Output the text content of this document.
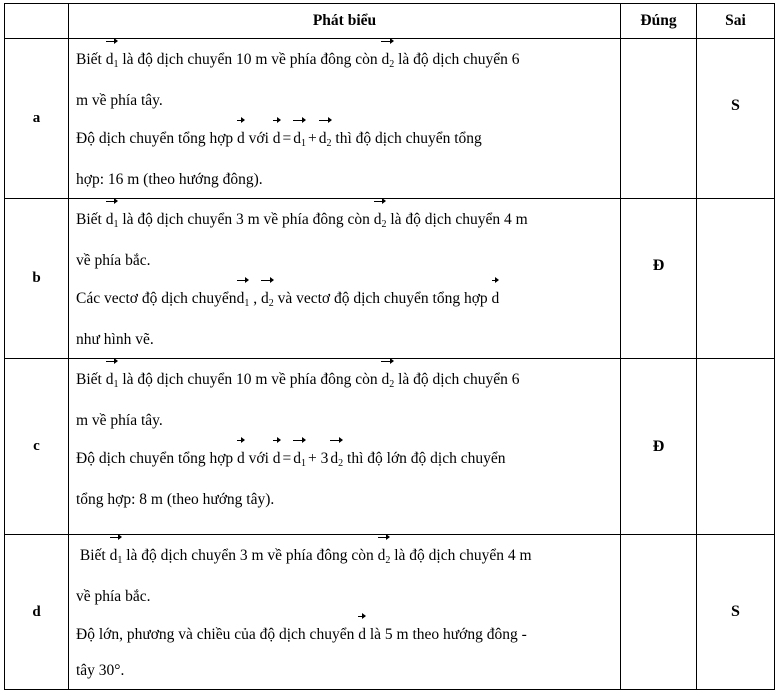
	Phát biểu	Đúng	Sai
a	Biết $d_1$ là độ dịch chuyển 10 m về phía đông còn $d_2$ là độ dịch chuyển 6
m về phía tây.
Độ dịch chuyển tổng hợp d với $d = d_1 + d_2$ thì độ dịch chuyển tổng
hợp: 16 m (theo hướng đông).		S
b	Biết $d_1$ là độ dịch chuyển 3 m về phía đông còn $d_2$ là độ dịch chuyển 4 m
về phía bắc.
Các vectơ độ dịch chuyểnd$_1$ , $d_2$ và vectơ độ dịch chuyển tổng hợp d
như hình vẽ.	Đ	
c	Biết $d_1$ là độ dịch chuyển 10 m về phía đông còn $d_2$ là độ dịch chuyển 6
m về phía tây.
Độ dịch chuyển tổng hợp d với $d = d_1 + 3$ $d_2$ thì độ lớn độ dịch chuyển
tổng hợp: 8 m (theo hướng tây).	Đ	
d	Biết $d_1$ là độ dịch chuyển 3 m về phía đông còn $d_2$ là độ dịch chuyển 4 m
về phía bắc.
Độ lớn, phương và chiều của độ dịch chuyển d là 5 m theo hướng đông -
tây 30°.		S
